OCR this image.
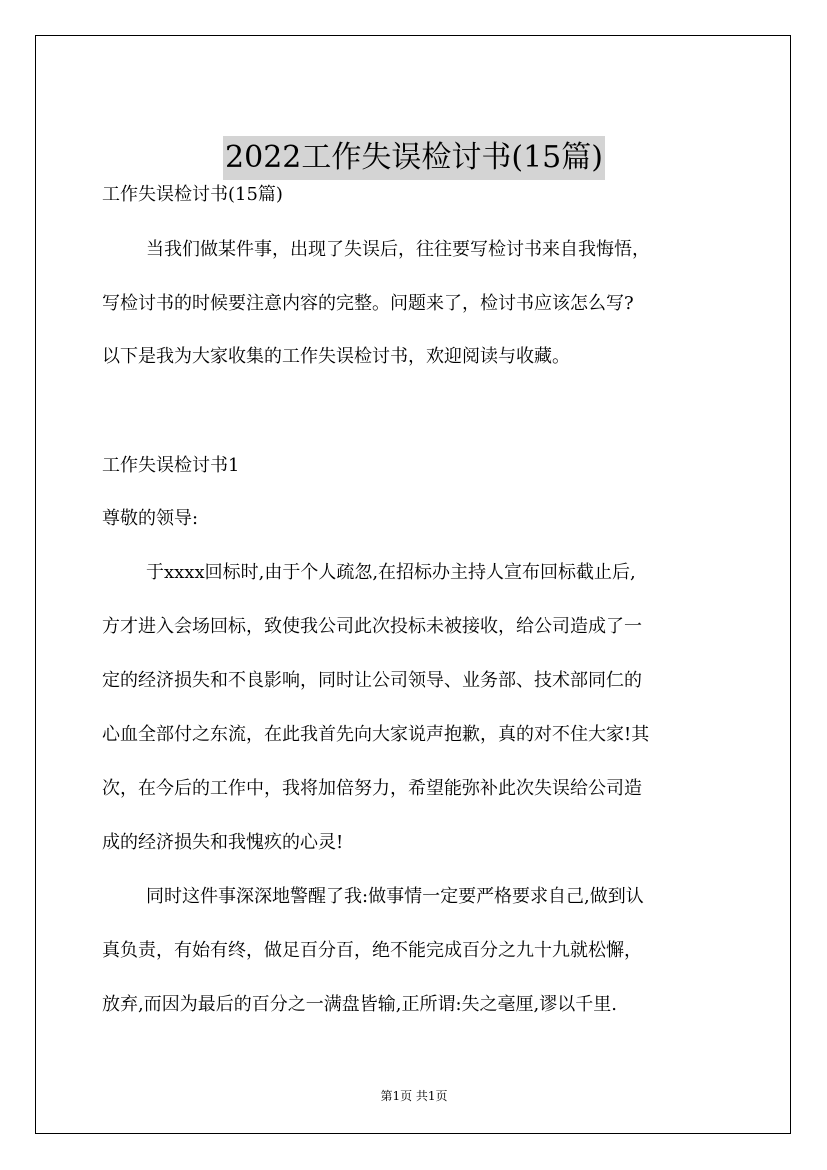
2022工作失误检讨书(15篇)
工作失误检讨书(15篇)
当我们做某件事，出现了失误后，往往要写检讨书来自我悔悟，
写检讨书的时候要注意内容的完整。问题来了，检讨书应该怎么写?
以下是我为大家收集的工作失误检讨书，欢迎阅读与收藏。
工作失误检讨书1
尊敬的领导:
于xxxx回标时,由于个人疏忽,在招标办主持人宣布回标截止后,
方才进入会场回标，致使我公司此次投标未被接收，给公司造成了一
定的经济损失和不良影响，同时让公司领导、业务部、技术部同仁的
心血全部付之东流，在此我首先向大家说声抱歉，真的对不住大家!其
次，在今后的工作中，我将加倍努力，希望能弥补此次失误给公司造
成的经济损失和我愧疚的心灵!
同时这件事深深地警醒了我:做事情一定要严格要求自己,做到认
真负责，有始有终，做足百分百，绝不能完成百分之九十九就松懈，
放弃,而因为最后的百分之一满盘皆输,正所谓:失之毫厘,谬以千里.
第1页 共1页
